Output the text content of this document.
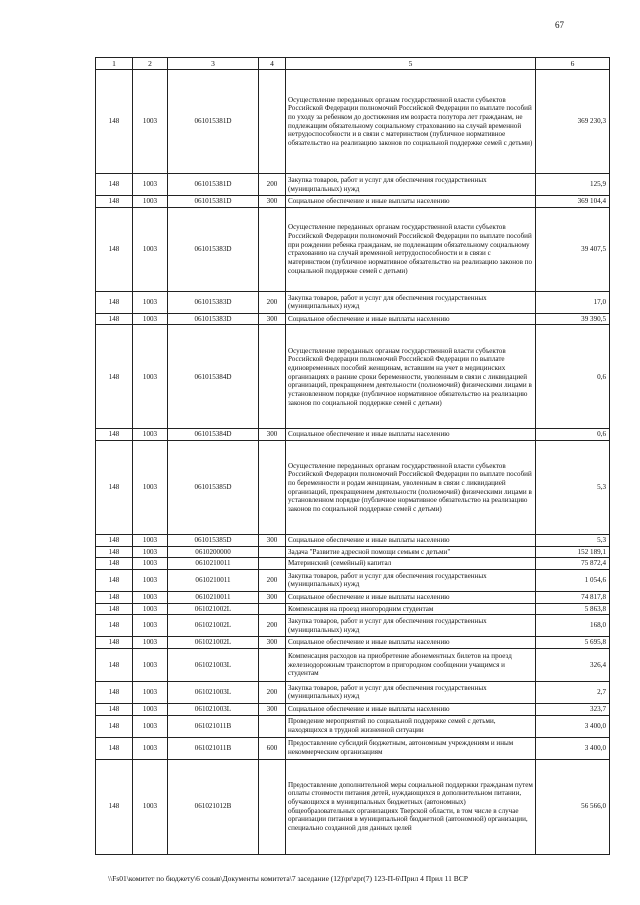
67
1	2	3	4	5	6
148	1003	061015381D		Осуществление переданных органам государственной власти субъектов Российской Федерации полномочий Российской Федерации по выплате пособий по уходу за ребенком до достижения им возраста полутора лет гражданам, не подлежащим обязательному социальному страхованию на случай временной нетрудоспособности и в связи с материнством (публичное нормативное обязательство на реализацию законов по социальной поддержке семей с детьми)	369 230,3
148	1003	061015381D	200	Закупка товаров, работ и услуг для обеспечения государственных (муниципальных) нужд	125,9
148	1003	061015381D	300	Социальное обеспечение и иные выплаты населению	369 104,4
148	1003	061015383D		Осуществление переданных органам государственной власти субъектов Российской Федерации полномочий Российской Федерации по выплате пособий при рождении ребенка гражданам, не подлежащим обязательному социальному страхованию на случай временной нетрудоспособности и в связи с материнством (публичное нормативное обязательство на реализацию законов по социальной поддержке семей с детьми)	39 407,5
148	1003	061015383D	200	Закупка товаров, работ и услуг для обеспечения государственных (муниципальных) нужд	17,0
148	1003	061015383D	300	Социальное обеспечение и иные выплаты населению	39 390,5
148	1003	061015384D		Осуществление переданных органам государственной власти субъектов Российской Федерации полномочий Российской Федерации по выплате единовременных пособий женщинам, вставшим на учет в медицинских организациях в ранние сроки беременности, уволенным в связи с ликвидацией организаций, прекращением деятельности (полномочий) физическими лицами в установленном порядке (публичное нормативное обязательство на реализацию законов по социальной поддержке семей с детьми)	0,6
148	1003	061015384D	300	Социальное обеспечение и иные выплаты населению	0,6
148	1003	061015385D		Осуществление переданных органам государственной власти субъектов Российской Федерации полномочий Российской Федерации по выплате пособий по беременности и родам женщинам, уволенным в связи с ликвидацией организаций, прекращением деятельности (полномочий) физическими лицами в установленном порядке (публичное нормативное обязательство на реализацию законов по социальной поддержке семей с детьми)	5,3
148	1003	061015385D	300	Социальное обеспечение и иные выплаты населению	5,3
148	1003	0610200000		Задача "Развитие адресной помощи семьям с детьми"	152 189,1
148	1003	0610210011		Материнский (семейный) капитал	75 872,4
148	1003	0610210011	200	Закупка товаров, работ и услуг для обеспечения государственных (муниципальных) нужд	1 054,6
148	1003	0610210011	300	Социальное обеспечение и иные выплаты населению	74 817,8
148	1003	061021002L		Компенсация на проезд иногородним студентам	5 863,8
148	1003	061021002L	200	Закупка товаров, работ и услуг для обеспечения государственных (муниципальных) нужд	168,0
148	1003	061021002L	300	Социальное обеспечение и иные выплаты населению	5 695,8
148	1003	061021003L		Компенсация расходов на приобретение абонементных билетов на проезд железнодорожным транспортом в пригородном сообщении учащимся и студентам	326,4
148	1003	061021003L	200	Закупка товаров, работ и услуг для обеспечения государственных (муниципальных) нужд	2,7
148	1003	061021003L	300	Социальное обеспечение и иные выплаты населению	323,7
148	1003	061021011B		Проведение мероприятий по социальной поддержке семей с детьми, находящихся в трудной жизненной ситуации	3 400,0
148	1003	061021011B	600	Предоставление субсидий бюджетным, автономным учреждениям и иным некоммерческим организациям	3 400,0
148	1003	061021012B		Предоставление дополнительной меры социальной поддержки гражданам путем оплаты стоимости питания детей, нуждающихся в дополнительном питании, обучающихся в муниципальных бюджетных (автономных) общеобразовательных организациях Тверской области, в том числе в случае организации питания в муниципальной бюджетной (автономной) организации, специально созданной для данных целей	56 566,0
\\Fs01\комитет по бюджету\6 созыв\Документы комитета\7 заседание (12)\pr\zpr(7) 123-П-6\Прил 4 Прил 11 ВСР
